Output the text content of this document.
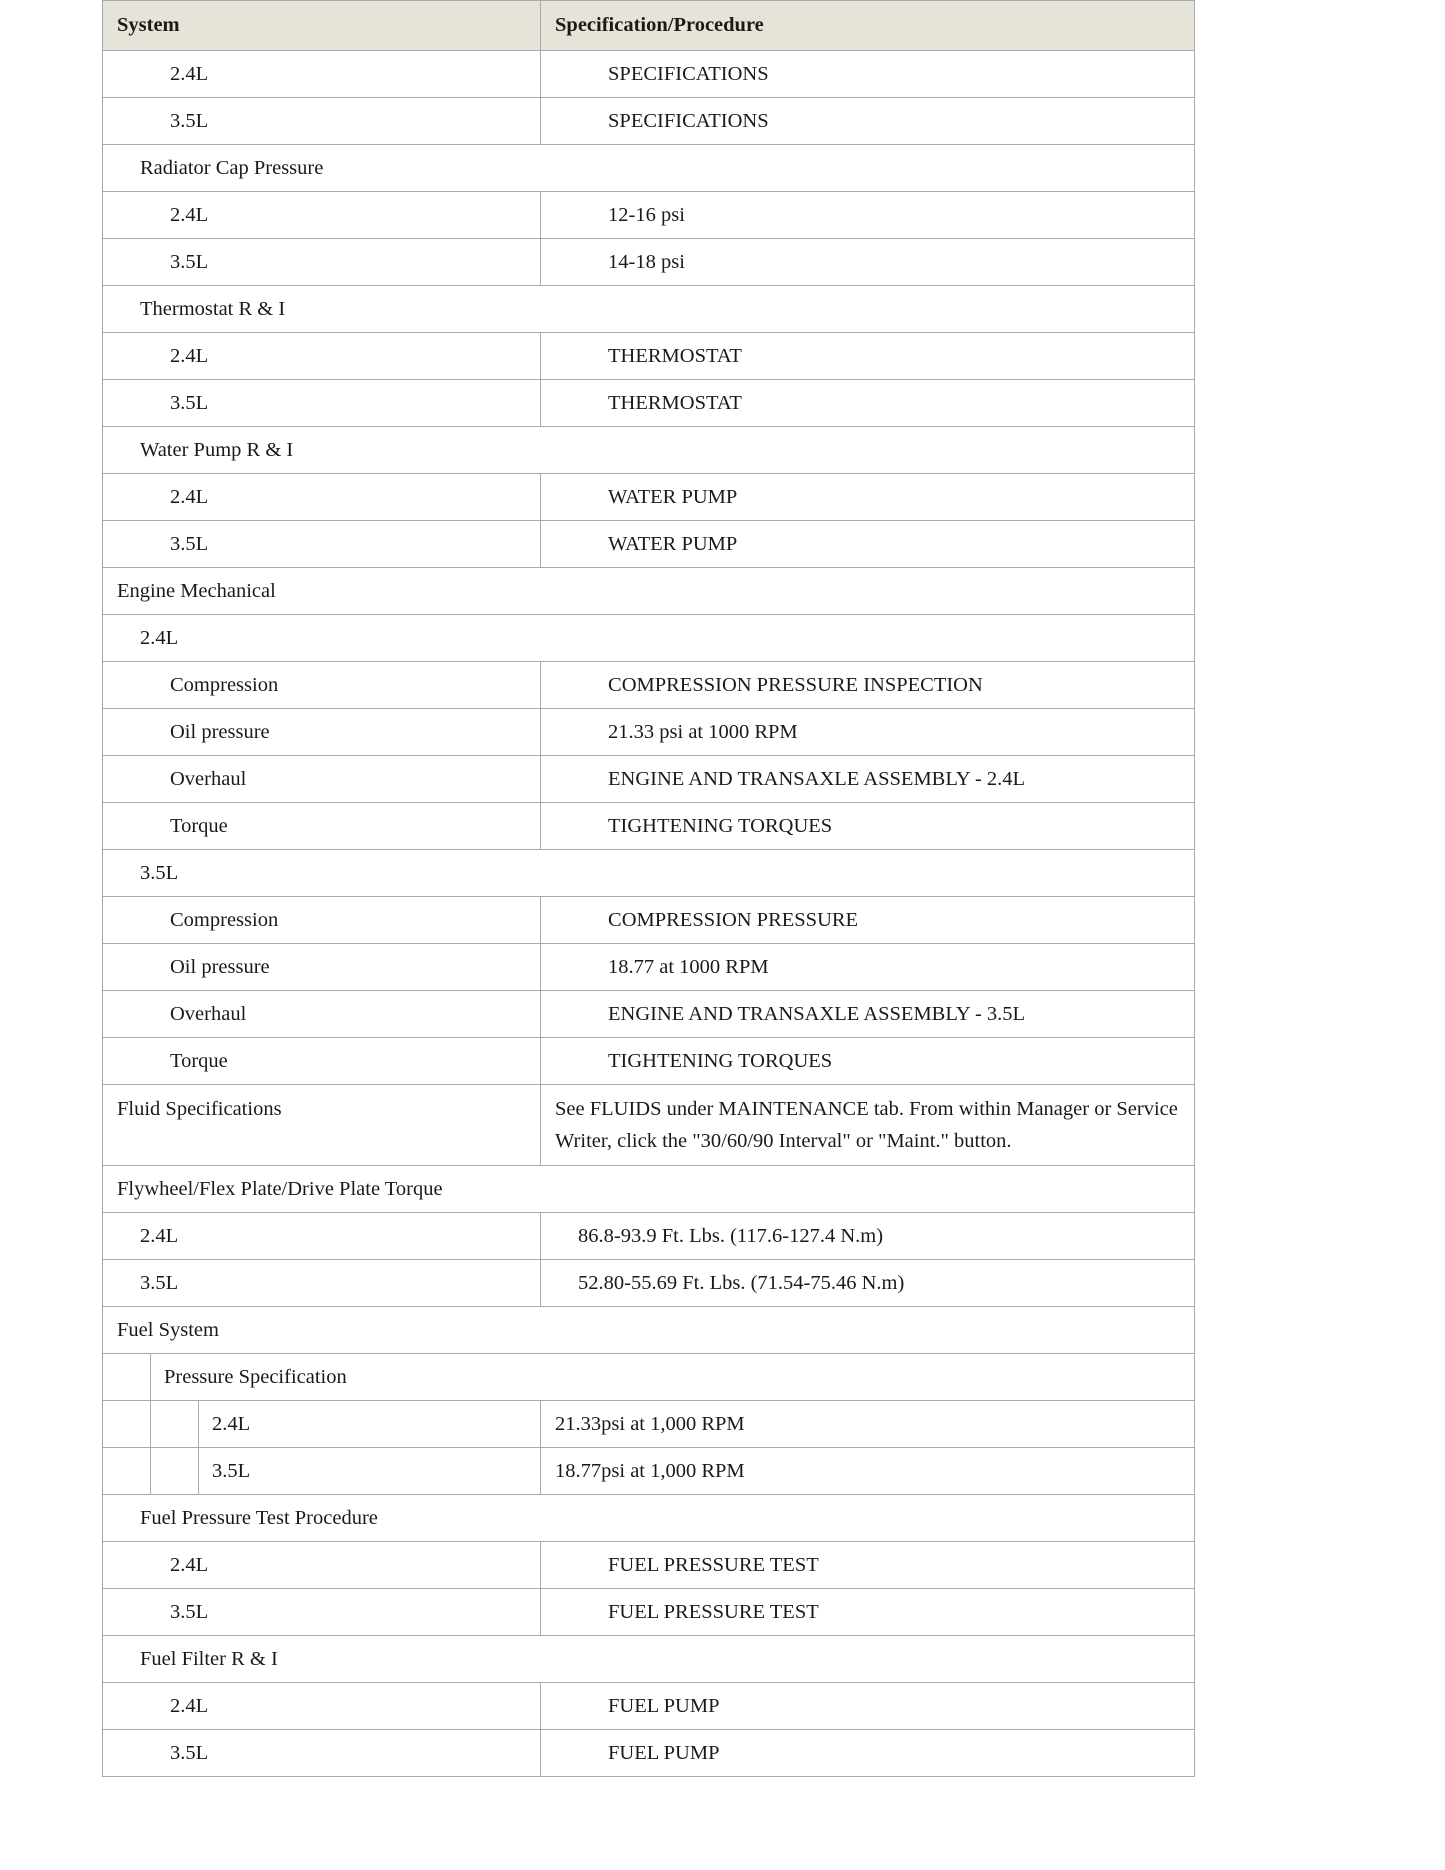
System			Specification/Procedure
2.4L			SPECIFICATIONS
3.5L			SPECIFICATIONS
Radiator Cap Pressure			
2.4L			12-16 psi
3.5L			14-18 psi
Thermostat R & I			
2.4L			THERMOSTAT
3.5L			THERMOSTAT
Water Pump R & I			
2.4L			WATER PUMP
3.5L			WATER PUMP
Engine Mechanical			
2.4L			
Compression			COMPRESSION PRESSURE INSPECTION
Oil pressure			21.33 psi at 1000 RPM
Overhaul			ENGINE AND TRANSAXLE ASSEMBLY - 2.4L
Torque			TIGHTENING TORQUES
3.5L			
Compression			COMPRESSION PRESSURE
Oil pressure			18.77 at 1000 RPM
Overhaul			ENGINE AND TRANSAXLE ASSEMBLY - 3.5L
Torque			TIGHTENING TORQUES
Fluid Specifications			See FLUIDS under MAINTENANCE tab. From within Manager or Service Writer, click the "30/60/90 Interval" or "Maint." button.
Flywheel/Flex Plate/Drive Plate Torque			
2.4L			86.8-93.9 Ft. Lbs. (117.6-127.4 N.m)
3.5L			52.80-55.69 Ft. Lbs. (71.54-75.46 N.m)
Fuel System			
	Pressure Specification		
		2.4L	21.33psi at 1,000 RPM
		3.5L	18.77psi at 1,000 RPM
Fuel Pressure Test Procedure			
2.4L			FUEL PRESSURE TEST
3.5L			FUEL PRESSURE TEST
Fuel Filter R & I			
2.4L			FUEL PUMP
3.5L			FUEL PUMP
